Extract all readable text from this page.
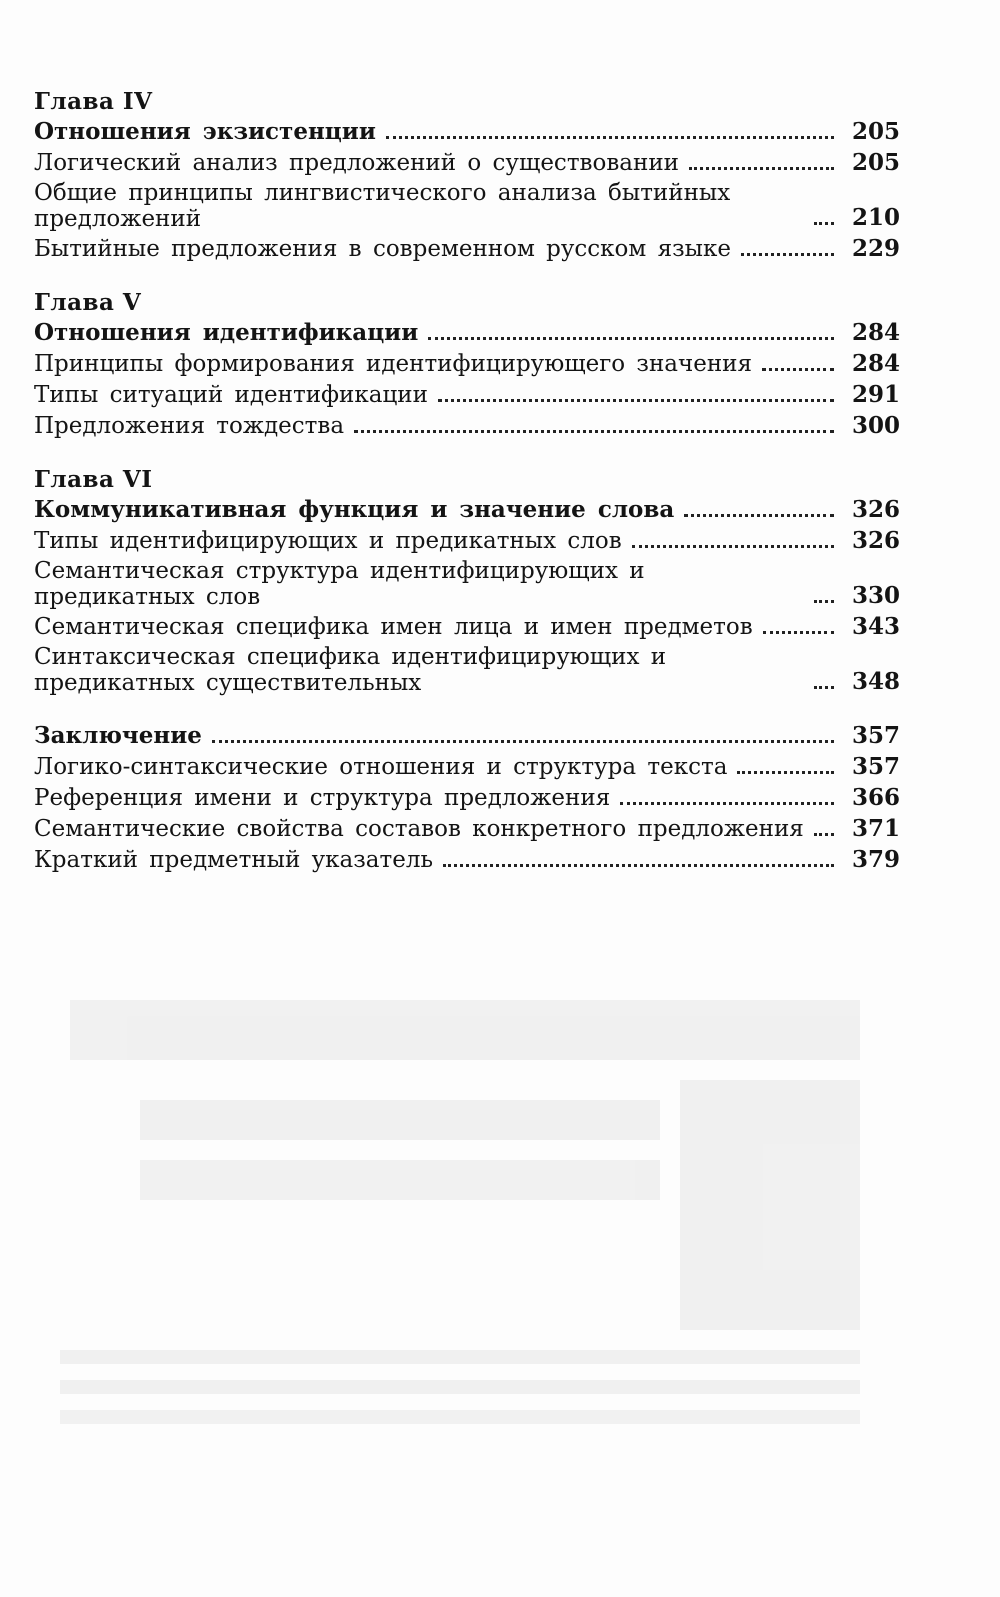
Глава IV
Отношения экзистенции	205
Логический анализ предложений о существовании	205
Общие принципы лингвистического анализа бытийных предложений	210
Бытийные предложения в современном русском языке	229
Глава V
Отношения идентификации	284
Принципы формирования идентифицирующего значения	284
Типы ситуаций идентификации	291
Предложения тождества	300
Глава VI
Коммуникативная функция и значение слова	326
Типы идентифицирующих и предикатных слов	326
Семантическая структура идентифицирующих и предикатных слов	330
Семантическая специфика имен лица и имен предметов	343
Синтаксическая специфика идентифицирующих и предикатных существительных	348
Заключение	357
Логико-синтаксические отношения и структура текста	357
Референция имени и структура предложения	366
Семантические свойства составов конкретного предложения 371
Краткий предметный указатель	379
